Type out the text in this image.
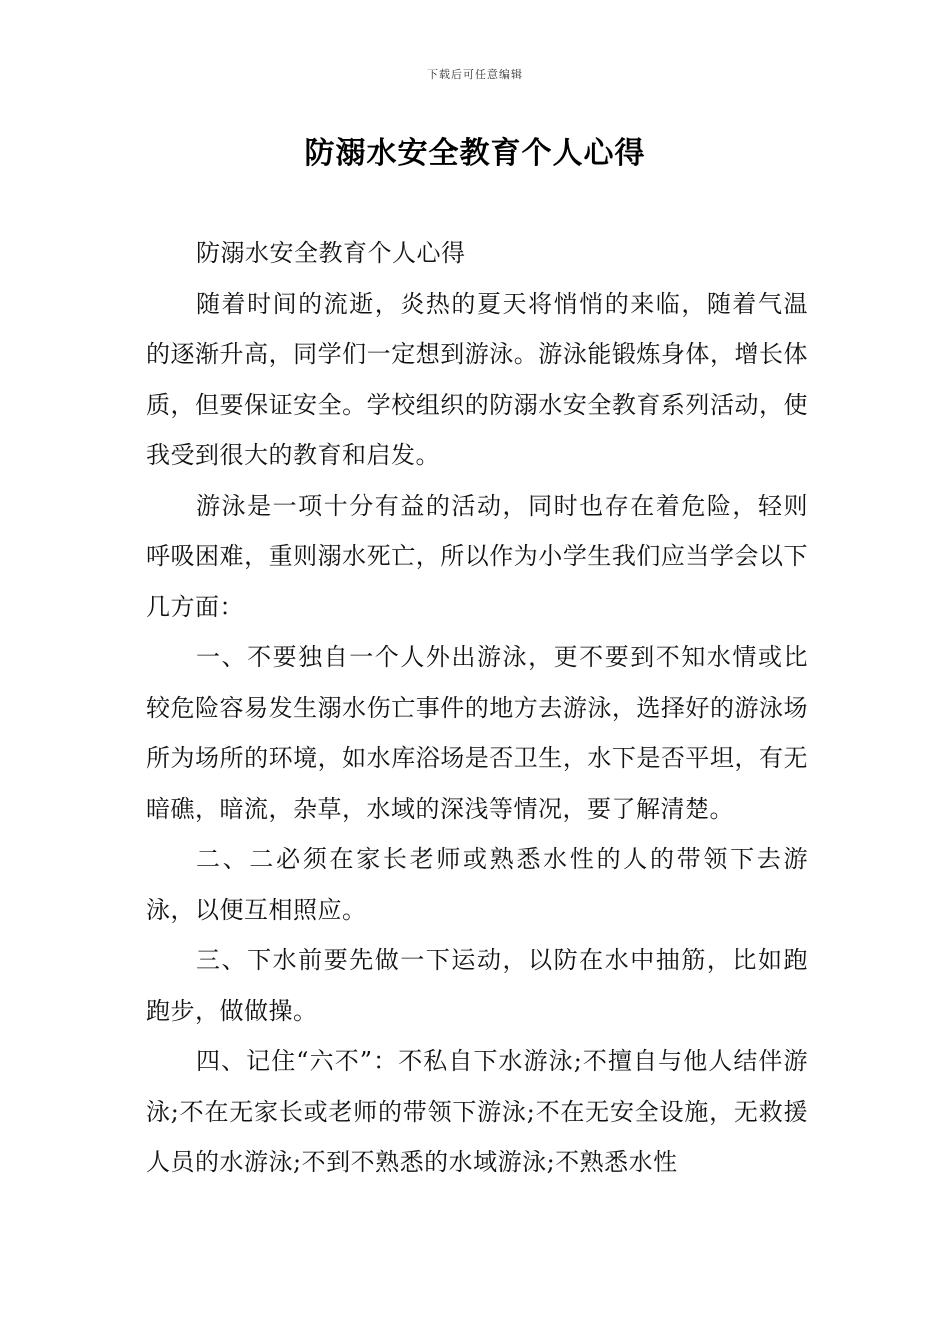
下载后可任意编辑
防溺水安全教育个人心得

防溺水安全教育个人心得

随着时间的流逝，炎热的夏天将悄悄的来临，随着气温的逐渐升高，同学们一定想到游泳。游泳能锻炼身体，增长体质，但要保证安全。学校组织的防溺水安全教育系列活动，使我受到很大的教育和启发。

游泳是一项十分有益的活动，同时也存在着危险，轻则呼吸困难，重则溺水死亡，所以作为小学生我们应当学会以下几方面：

一、不要独自一个人外出游泳，更不要到不知水情或比较危险容易发生溺水伤亡事件的地方去游泳，选择好的游泳场所为场所的环境，如水库浴场是否卫生，水下是否平坦，有无暗礁，暗流，杂草，水域的深浅等情况，要了解清楚。

二、二必须在家长老师或熟悉水性的人的带领下去游泳，以便互相照应。

三、下水前要先做一下运动，以防在水中抽筋，比如跑跑步，做做操。

四、记住“六不”：不私自下水游泳;不擅自与他人结伴游泳;不在无家长或老师的带领下游泳;不在无安全设施，无救援人员的水游泳;不到不熟悉的水域游泳;不熟悉水性
